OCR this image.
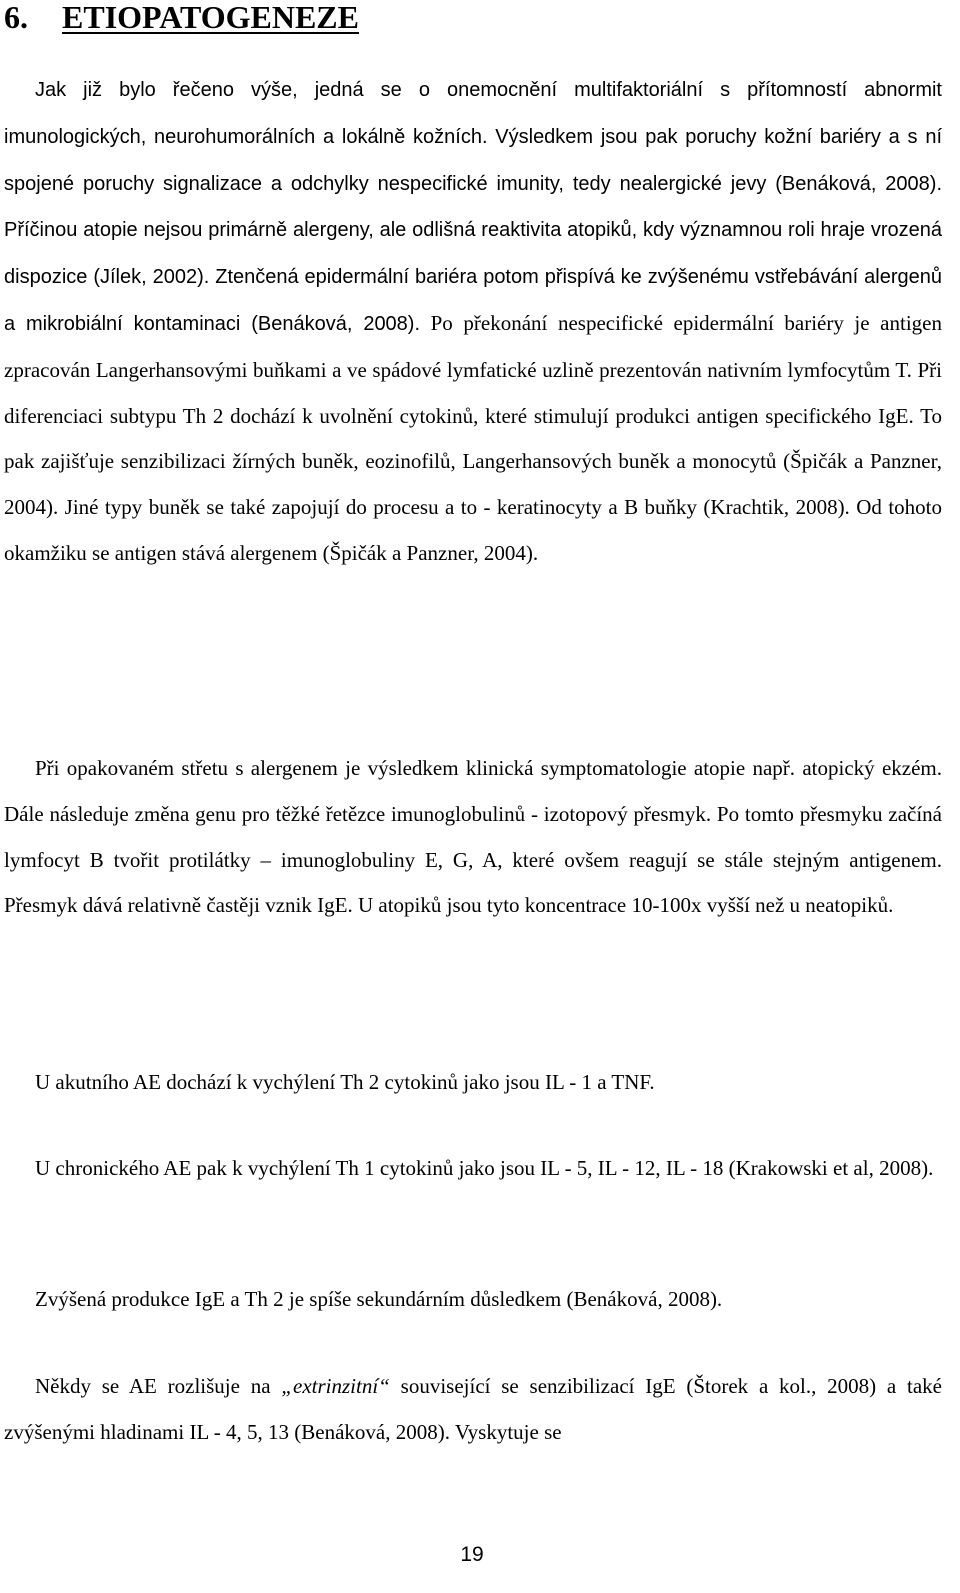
6. ETIOPATOGENEZE

Jak již bylo řečeno výše, jedná se o onemocnění multifaktoriální s přítomností abnormit imunologických, neurohumorálních a lokálně kožních. Výsledkem jsou pak poruchy kožní bariéry a s ní spojené poruchy signalizace a odchylky nespecifické imunity, tedy nealergické jevy (Benáková, 2008). Příčinou atopie nejsou primárně alergeny, ale odlišná reaktivita atopiků, kdy významnou roli hraje vrozená dispozice (Jílek, 2002). Ztenčená epidermální bariéra potom přispívá ke zvýšenému vstřebávání alergenů a mikrobiální kontaminaci (Benáková, 2008). Po překonání nespecifické epidermální bariéry je antigen zpracován Langerhansovými buňkami a ve spádové lymfatické uzlině prezentován nativním lymfocytům T. Při diferenciaci subtypu Th 2 dochází k uvolnění cytokinů, které stimulují produkci antigen specifického IgE. To pak zajišťuje senzibilizaci žírných buněk, eozinofilů, Langerhansových buněk a monocytů (Špičák a Panzner, 2004). Jiné typy buněk se také zapojují do procesu a to - keratinocyty a B buňky (Krachtik, 2008). Od tohoto okamžiku se antigen stává alergenem (Špičák a Panzner, 2004).

Při opakovaném střetu s alergenem je výsledkem klinická symptomatologie atopie např. atopický ekzém. Dále následuje změna genu pro těžké řetězce imunoglobulinů - izotopový přesmyk. Po tomto přesmyku začíná lymfocyt B tvořit protilátky – imunoglobuliny E, G, A, které ovšem reagují se stále stejným antigenem. Přesmyk dává relativně častěji vznik IgE. U atopiků jsou tyto koncentrace 10-100x vyšší než u neatopiků.

U akutního AE dochází k vychýlení Th 2 cytokinů jako jsou IL - 1 a TNF.

U chronického AE pak k vychýlení Th 1 cytokinů jako jsou IL - 5, IL - 12, IL - 18 (Krakowski et al, 2008).

Zvýšená produkce IgE a Th 2 je spíše sekundárním důsledkem (Benáková, 2008).

Někdy se AE rozlišuje na „extrinzitní“ související se senzibilizací IgE (Štorek a kol., 2008) a také zvýšenými hladinami IL - 4, 5, 13 (Benáková, 2008). Vyskytuje se

19
